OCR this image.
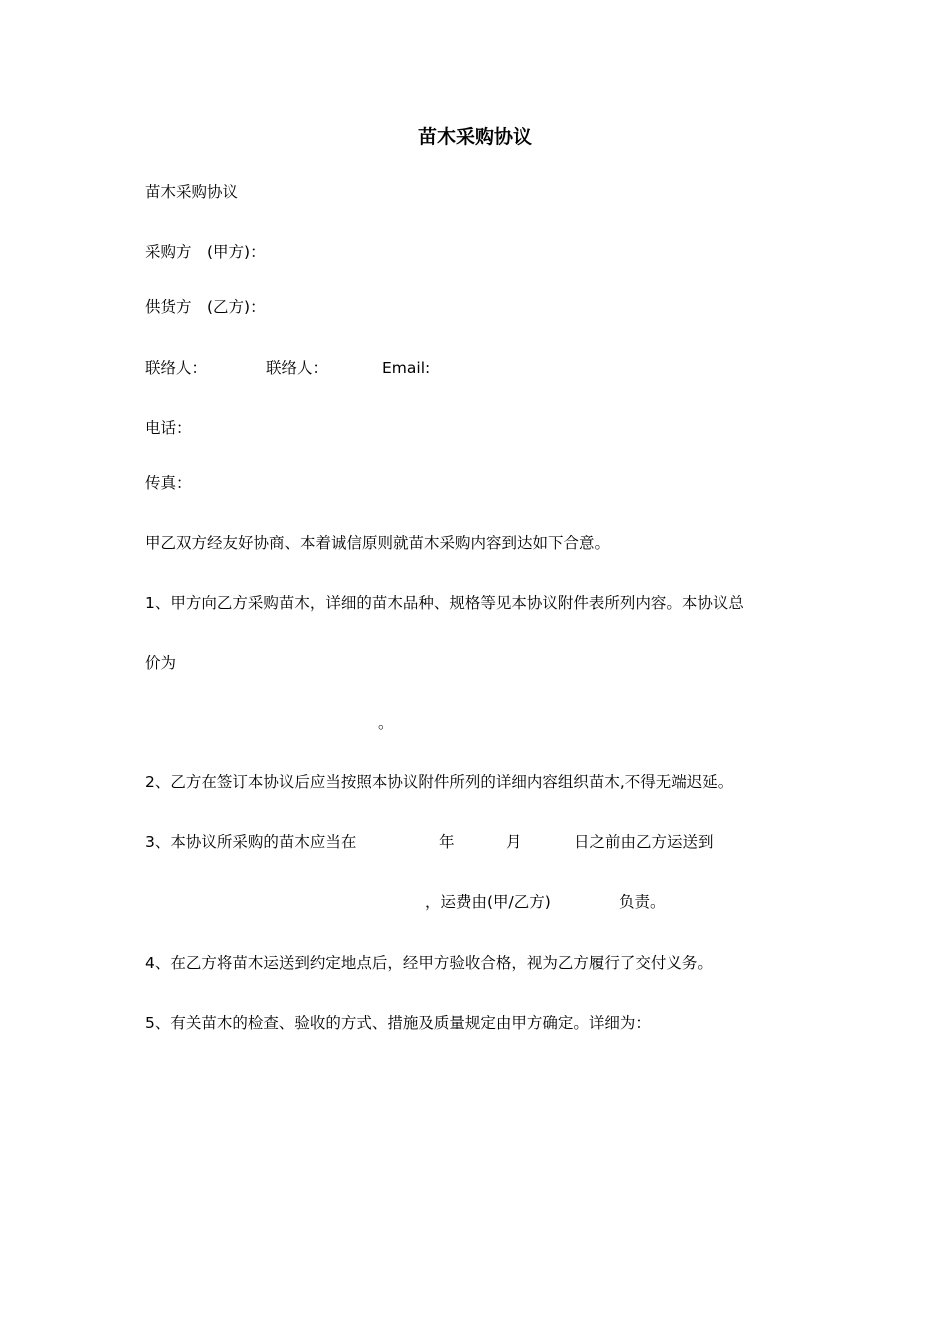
苗木采购协议
苗木采购协议
采购方　(甲方)：
供货方　(乙方)：
联络人：	联络人：	Email:
电话：
传真：
甲乙双方经友好协商、本着诚信原则就苗木采购内容到达如下合意。
1、甲方向乙方采购苗木，详细的苗木品种、规格等见本协议附件表所列内容。本协议总
价为
。
2、乙方在签订本协议后应当按照本协议附件所列的详细内容组织苗木,不得无端迟延。
3、本协议所采购的苗木应当在	年	月	日之前由乙方运送到
，运费由(甲/乙方)	负责。
4、在乙方将苗木运送到约定地点后，经甲方验收合格，视为乙方履行了交付义务。
5、有关苗木的检查、验收的方式、措施及质量规定由甲方确定。详细为：
